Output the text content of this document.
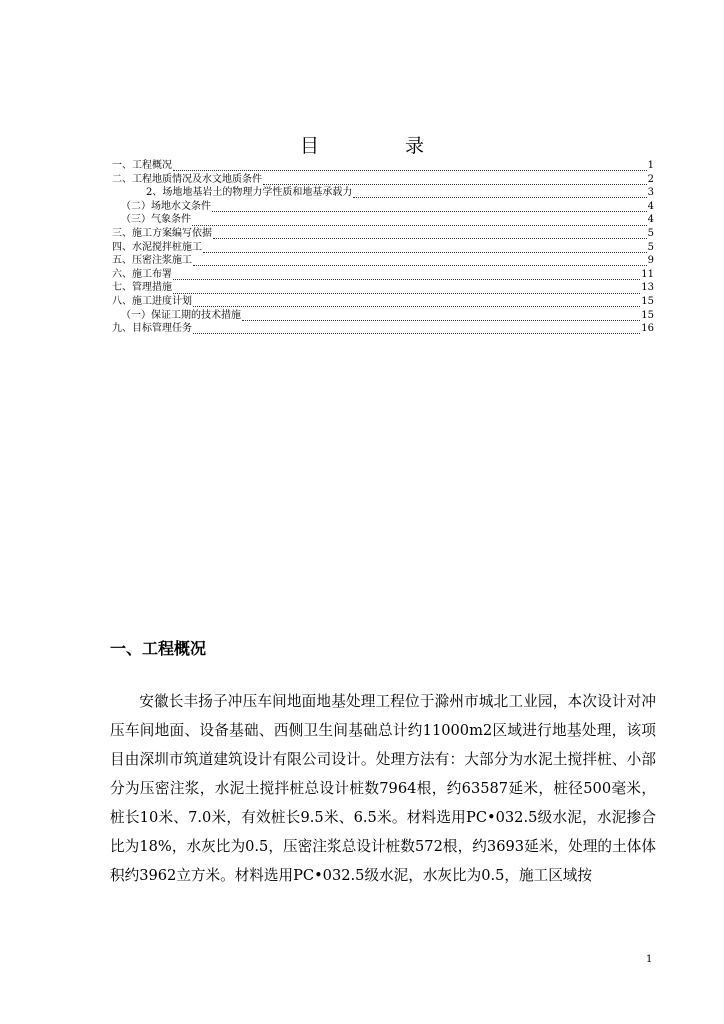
目 录
一、工程概况	1
二、工程地质情况及水文地质条件	2
2、场地地基岩土的物理力学性质和地基承载力	3
（二）场地水文条件	4
（三）气象条件	4
三、施工方案编写依据	5
四、水泥搅拌桩施工	5
五、压密注浆施工	9
六、施工布署	11
七、管理措施	13
八、施工进度计划	15
（一）保证工期的技术措施	15
九、目标管理任务	16
一、工程概况

安徽长丰扬子冲压车间地面地基处理工程位于滁州市城北工业园，本次设计对冲压车间地面、设备基础、西侧卫生间基础总计约11000m2区域进行地基处理，该项目由深圳市筑道建筑设计有限公司设计。处理方法有：大部分为水泥土搅拌桩、小部分为压密注浆，水泥土搅拌桩总设计桩数7964根，约63587延米，桩径500毫米，桩长10米、7.0米，有效桩长9.5米、6.5米。材料选用PC•032.5级水泥，水泥掺合比为18%，水灰比为0.5，压密注浆总设计桩数572根，约3693延米，处理的土体体积约3962立方米。材料选用PC•032.5级水泥，水灰比为0.5，施工区域按

1
